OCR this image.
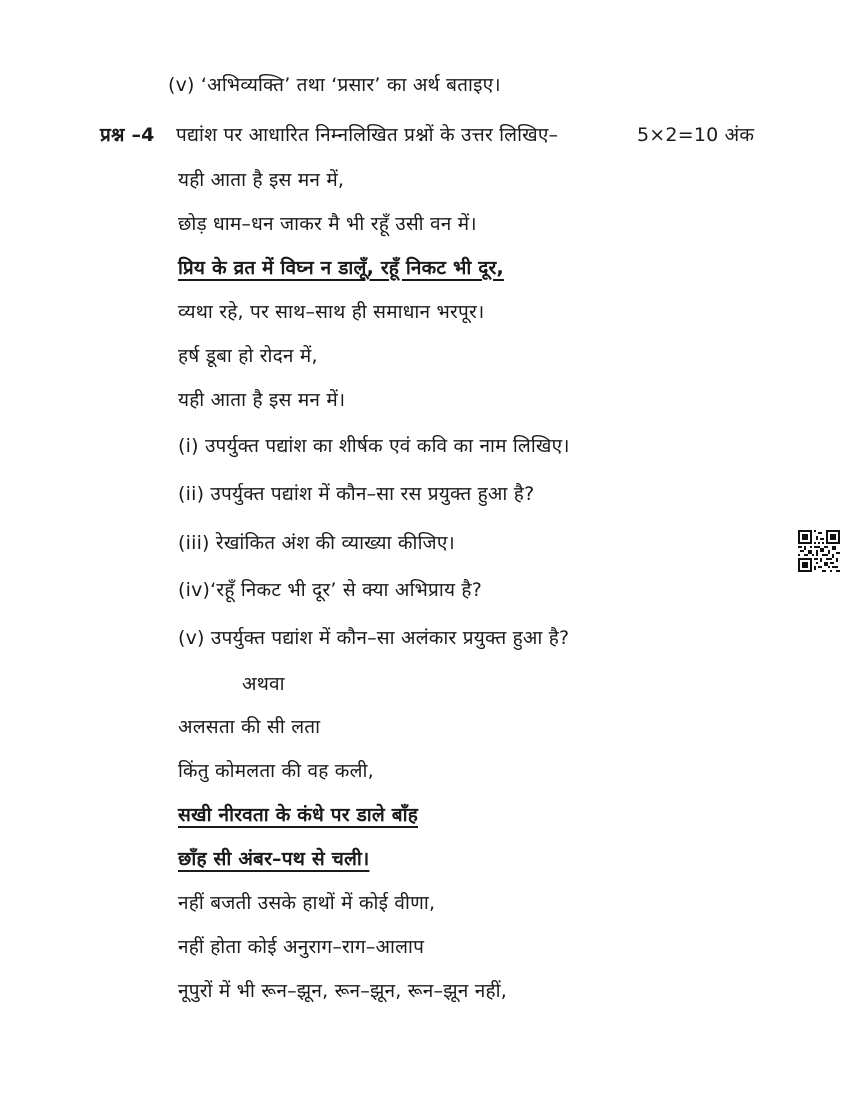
(v) ‘अभिव्यक्ति’ तथा ‘प्रसार’ का अर्थ बताइए।
प्रश्न –4 पद्यांश पर आधारित निम्नलिखित प्रश्नों के उत्तर लिखिए–	5×2=10 अंक
यही आता है इस मन में,
छोड़ धाम–धन जाकर मै भी रहूँ उसी वन में।
प्रिय के व्रत में विघ्न न डालूँ, रहूँ निकट भी दूर,
व्यथा रहे, पर साथ–साथ ही समाधान भरपूर।
हर्ष डूबा हो रोदन में,
यही आता है इस मन में।
(i) उपर्युक्त पद्यांश का शीर्षक एवं कवि का नाम लिखिए।
(ii) उपर्युक्त पद्यांश में कौन–सा रस प्रयुक्त हुआ है?
(iii) रेखांकित अंश की व्याख्या कीजिए।
(iv)‘रहूँ निकट भी दूर’ से क्या अभिप्राय है?
(v) उपर्युक्त पद्यांश में कौन–सा अलंकार प्रयुक्त हुआ है?
अथवा
अलसता की सी लता
किंतु कोमलता की वह कली,
सखी नीरवता के कंधे पर डाले बाँह
छाँह सी अंबर–पथ से चली।
नहीं बजती उसके हाथों में कोई वीणा,
नहीं होता कोई अनुराग–राग–आलाप
नूपुरों में भी रून–झून, रून–झून, रून–झून नहीं,
